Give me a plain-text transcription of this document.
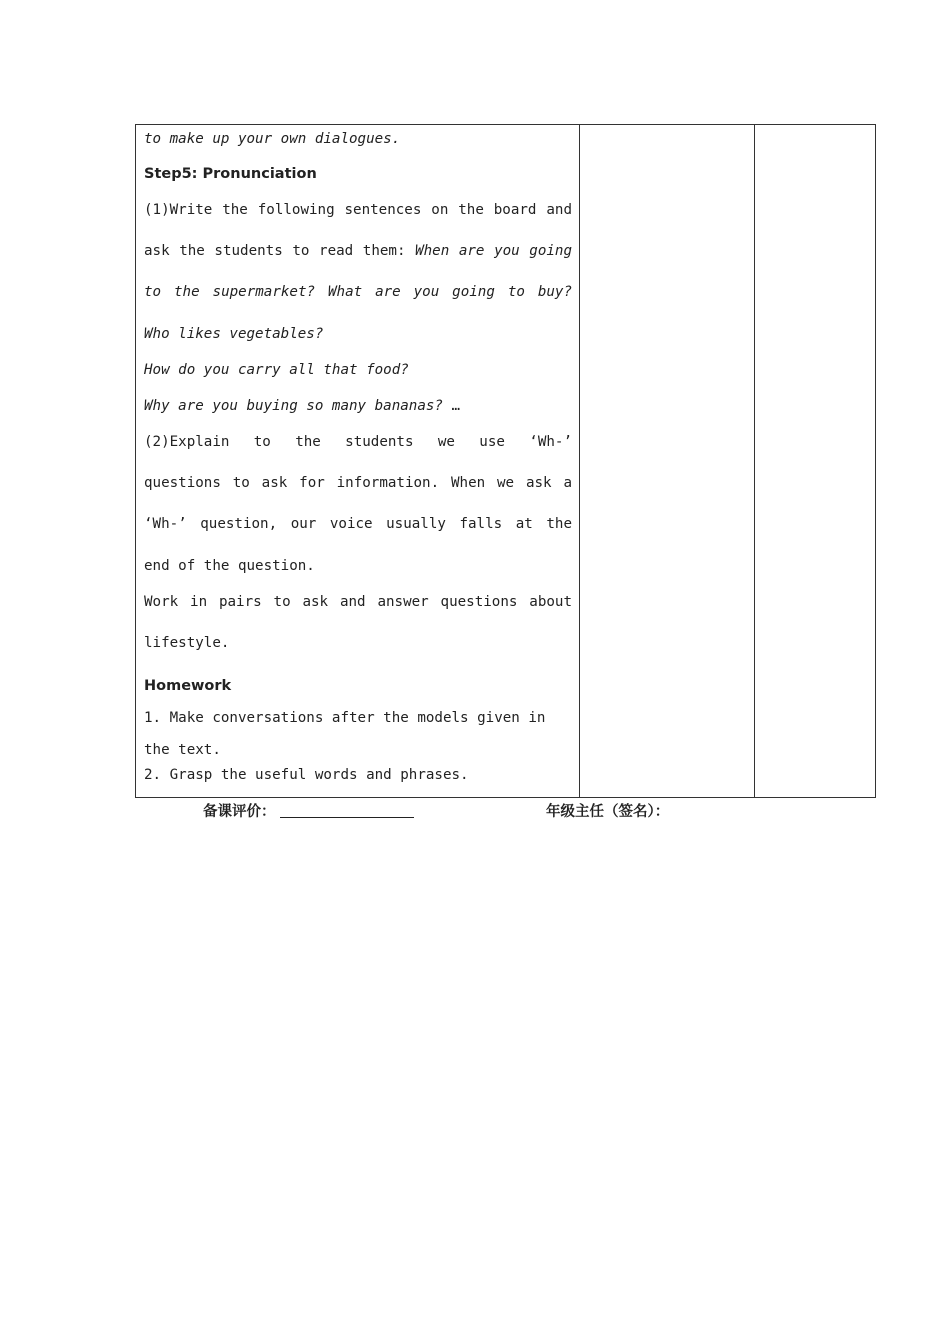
to make up your own dialogues.
Step5: Pronunciation
(1)Write the following sentences on the board and
ask the students to read them: When are you going
to the supermarket? What are you going to buy?
Who likes vegetables?
How do you carry all that food?
Why are you buying so many bananas? …
(2)Explain to the students we use ‘Wh-’
questions to ask for information. When we ask a
‘Wh-’ question, our voice usually falls at the
end of the question.
Work in pairs to ask and answer questions about
lifestyle.
Homework
1. Make conversations after the models given in
the text.
2. Grasp the useful words and phrases.
备课评价：	年级主任（签名）：
